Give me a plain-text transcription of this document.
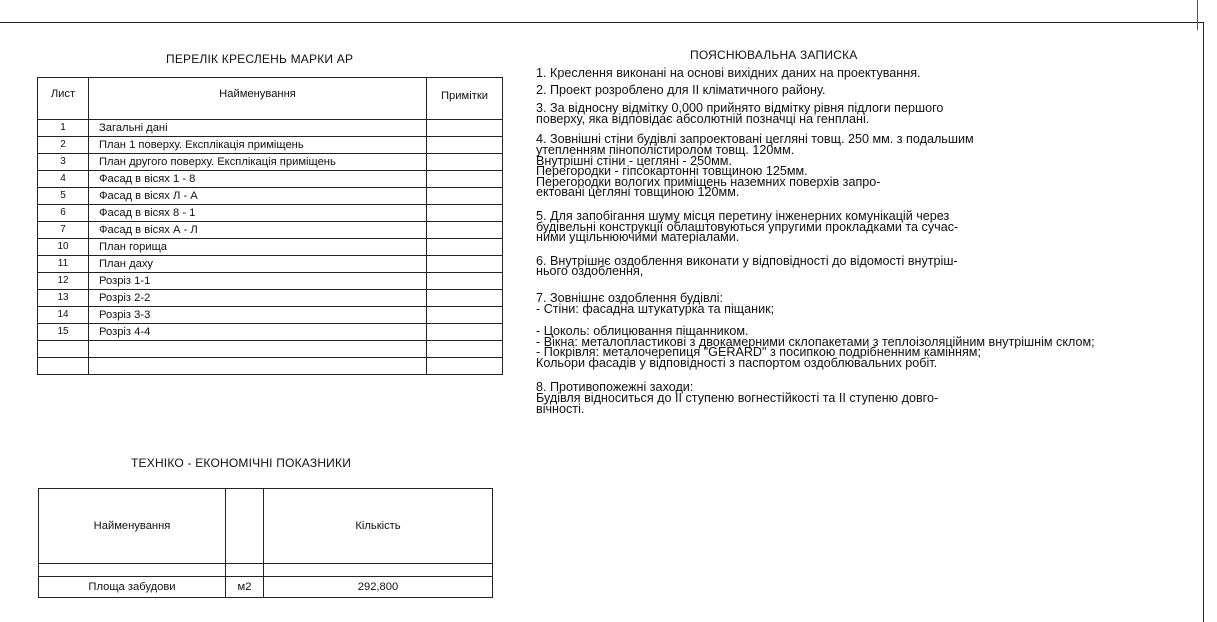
ПЕРЕЛІК КРЕСЛЕНЬ МАРКИ АР
Лист	Найменування	Примітки
1	Загальні дані	
2	План 1 поверху. Експлікація приміщень	
3	План другого поверху. Експлікація приміщень	
4	Фасад в вісях 1 - 8	
5	Фасад в вісях Л - А	
6	Фасад в вісях 8 - 1	
7	Фасад в вісях А - Л	
10	План горища	
11	План даху	
12	Розріз 1-1	
13	Розріз 2-2	
14	Розріз 3-3	
15	Розріз 4-4	

ТЕХНІКО - ЕКОНОМІЧНІ ПОКАЗНИКИ
Найменування		Кількість

Площа забудови	м2	292,800
ПОЯСНЮВАЛЬНА ЗАПИСКА
1. Креслення виконані на основі вихідних даних на проектування.
2. Проект розроблено для II кліматичного району.
3. За відносну відмітку 0,000 прийнято відмітку рівня підлоги першого
поверху, яка відповідає абсолютній позначці на генплані.
4. Зовнішні стіни будівлі запроектовані цегляні товщ. 250 мм. з подальшим
утепленням пінополістиролом товщ. 120мм.
Внутрішні стіни - цегляні - 250мм.
Перегородки - гіпсокартонні товщиною 125мм.
Перегородки вологих приміщень наземних поверхів запро-
ектовані цегляні товщиною 120мм.
5. Для запобігання шуму місця перетину інженерних комунікацій через
будівельні конструкції облаштовуються упругими прокладками та сучас-
ними ущільнюючими матеріалами.
6. Внутрішнє оздоблення виконати у відповідності до відомості внутріш-
нього оздоблення,
7. Зовнішнє оздоблення будівлі:
- Стіни: фасадна штукатурка та піщаник;
- Цоколь: облицювання піщанником.
- Вікна: металопластикові з двокамерними склопакетами з теплоізоляційним внутрішнім склом;
- Покрівля: металочерепиця "GERARD" з посипкою подрібненним камінням;
Кольори фасадів у відповідності з паспортом оздоблювальних робіт.
8. Противопожежні заходи:
Будівля відноситься до II ступеню вогнестійкості та II ступеню довго-
вічності.
